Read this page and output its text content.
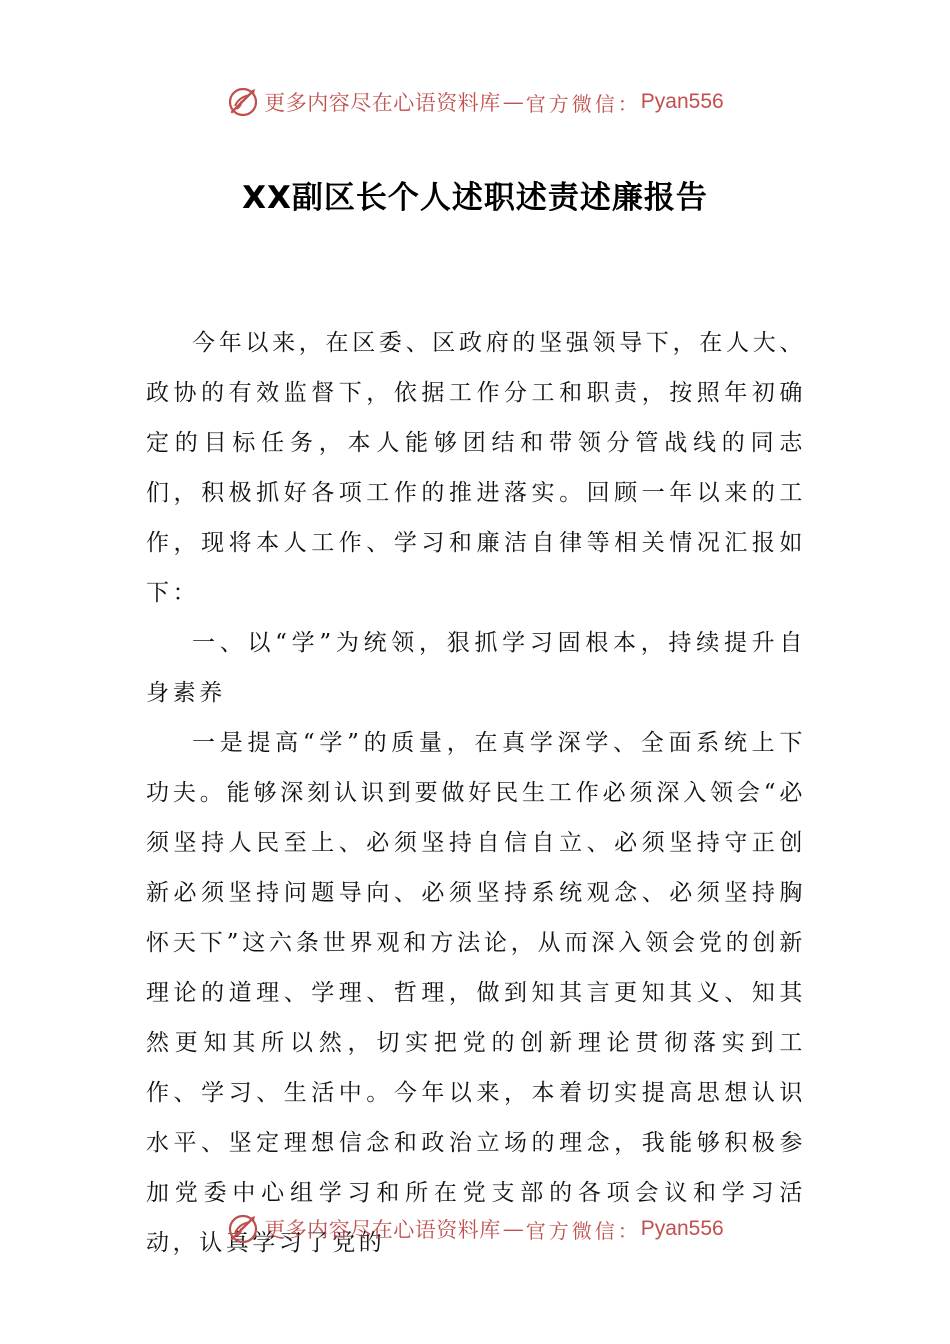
更多内容尽在心语资料库 — 官方微信： Pyan556
XX副区长个人述职述责述廉报告

今年以来，在区委、区政府的坚强领导下，在人大、政协的有效监督下，依据工作分工和职责，按照年初确定的目标任务，本人能够团结和带领分管战线的同志们，积极抓好各项工作的推进落实。回顾一年以来的工作，现将本人工作、学习和廉洁自律等相关情况汇报如下：

一、以“学”为统领，狠抓学习固根本，持续提升自身素养

一是提高“学”的质量，在真学深学、全面系统上下功夫。能够深刻认识到要做好民生工作必须深入领会“必须坚持人民至上、必须坚持自信自立、必须坚持守正创新必须坚持问题导向、必须坚持系统观念、必须坚持胸怀天下”这六条世界观和方法论，从而深入领会党的创新理论的道理、学理、哲理，做到知其言更知其义、知其然更知其所以然，切实把党的创新理论贯彻落实到工作、学习、生活中。今年以来，本着切实提高思想认识水平、坚定理想信念和政治立场的理念，我能够积极参加党委中心组学习和所在党支部的各项会议和学习活动，认真学习了党的

更多内容尽在心语资料库 — 官方微信： Pyan556
